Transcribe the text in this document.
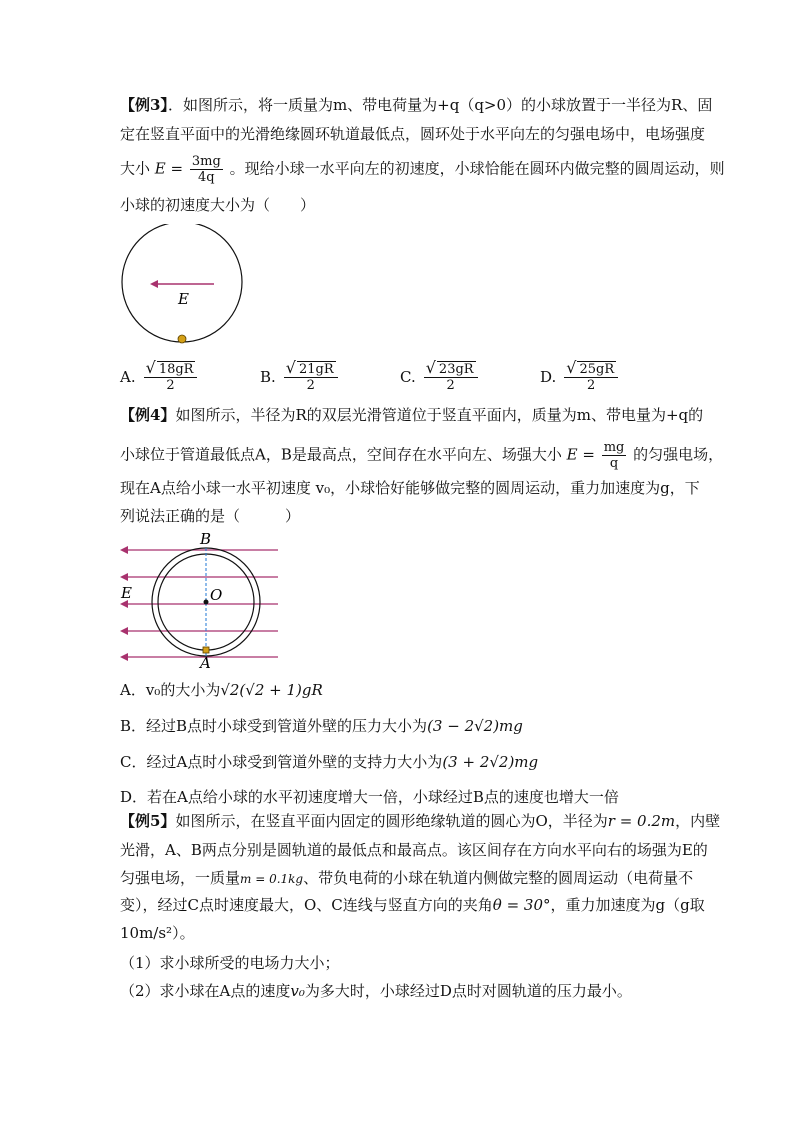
【例3】．如图所示，将一质量为m、带电荷量为+q（q>0）的小球放置于一半径为R、固
定在竖直平面中的光滑绝缘圆环轨道最低点，圆环处于水平向左的匀强电场中，电场强度
大小 $E = \frac{3mg}{4q}$ 。现给小球一水平向左的初速度，小球恰能在圆环内做完整的圆周运动，则
小球的初速度大小为（　　）
E
A. $\frac{√ 18gR}{2}$	B. $\frac{√ 21gR}{2}$	C. $\frac{√ 23gR}{2}$	D. $\frac{√ 25gR}{2}$
【例4】如图所示，半径为R的双层光滑管道位于竖直平面内，质量为m、带电量为+q的
小球位于管道最低点A，B是最高点，空间存在水平向左、场强大小 $E = \frac{mg}{q}$ 的匀强电场，
现在A点给小球一水平初速度 v₀，小球恰好能够做完整的圆周运动，重力加速度为g，下
列说法正确的是（　　　）
B
O
E
A
A．v₀的大小为√2(√2 + 1)gR
B．经过B点时小球受到管道外壁的压力大小为(3 − 2√2)mg
C．经过A点时小球受到管道外壁的支持力大小为(3 + 2√2)mg
D．若在A点给小球的水平初速度增大一倍，小球经过B点的速度也增大一倍
【例5】如图所示，在竖直平面内固定的圆形绝缘轨道的圆心为O，半径为r = 0.2m，内壁
光滑，A、B两点分别是圆轨道的最低点和最高点。该区间存在方向水平向右的场强为E的
匀强电场，一质量m = 0.1kg、带负电荷的小球在轨道内侧做完整的圆周运动（电荷量不
变），经过C点时速度最大，O、C连线与竖直方向的夹角θ = 30°，重力加速度为g（g取
10m/s²）。
（1）求小球所受的电场力大小；
（2）求小球在A点的速度v₀为多大时，小球经过D点时对圆轨道的压力最小。
